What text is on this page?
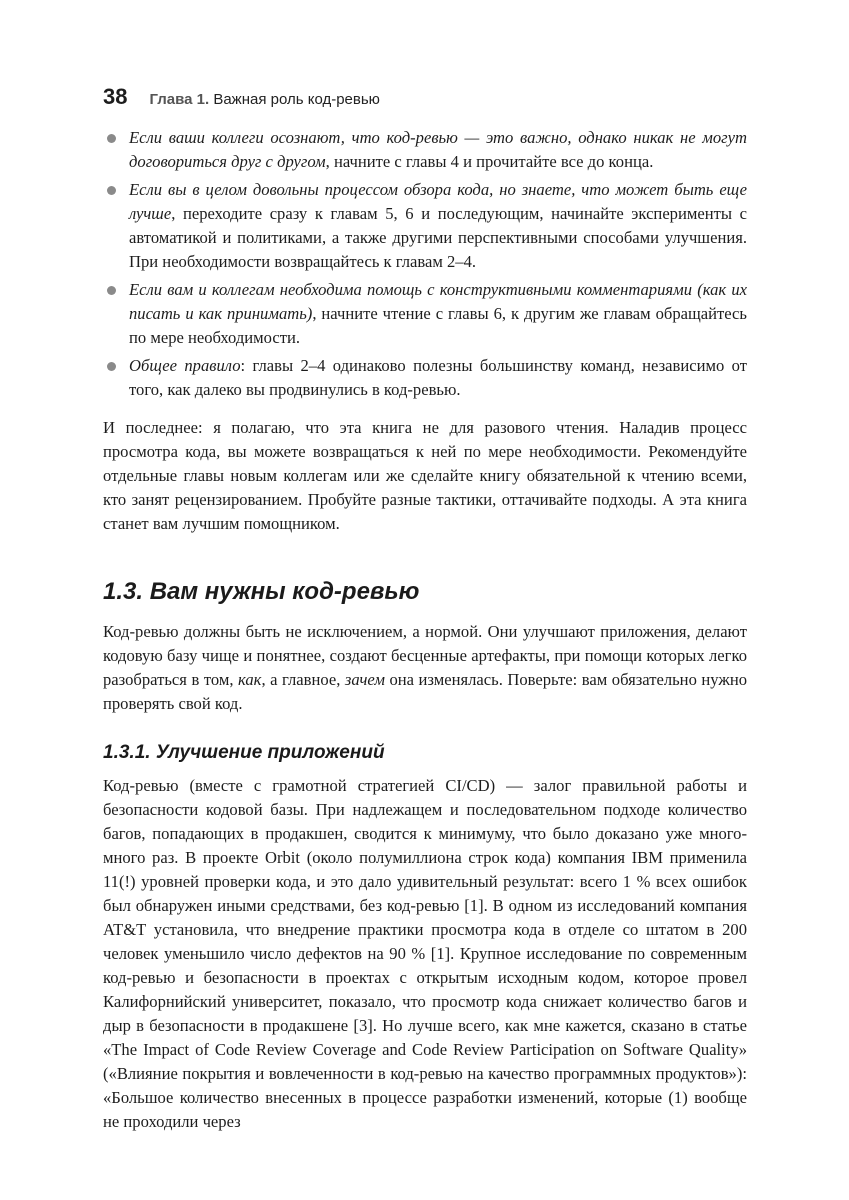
38 Глава 1. Важная роль код-ревью
Если ваши коллеги осознают, что код-ревью — это важно, однако никак не могут договориться друг с другом, начните с главы 4 и прочитайте все до конца.
Если вы в целом довольны процессом обзора кода, но знаете, что может быть еще лучше, переходите сразу к главам 5, 6 и последующим, начинайте эксперименты с автоматикой и политиками, а также другими перспективными способами улучшения. При необходимости возвращайтесь к главам 2–4.
Если вам и коллегам необходима помощь с конструктивными комментариями (как их писать и как принимать), начните чтение с главы 6, к другим же главам обращайтесь по мере необходимости.
Общее правило: главы 2–4 одинаково полезны большинству команд, независимо от того, как далеко вы продвинулись в код-ревью.

И последнее: я полагаю, что эта книга не для разового чтения. Наладив процесс просмотра кода, вы можете возвращаться к ней по мере необходимости. Рекомендуйте отдельные главы новым коллегам или же сделайте книгу обязательной к чтению всеми, кто занят рецензированием. Пробуйте разные тактики, оттачивайте подходы. А эта книга станет вам лучшим помощником.

1.3. Вам нужны код-ревью

Код-ревью должны быть не исключением, а нормой. Они улучшают приложения, делают кодовую базу чище и понятнее, создают бесценные артефакты, при помощи которых легко разобраться в том, как, а главное, зачем она изменялась. Поверьте: вам обязательно нужно проверять свой код.

1.3.1. Улучшение приложений

Код-ревью (вместе с грамотной стратегией CI/CD) — залог правильной работы и безопасности кодовой базы. При надлежащем и последовательном подходе количество багов, попадающих в продакшен, сводится к минимуму, что было доказано уже много-много раз. В проекте Orbit (около полумиллиона строк кода) компания IBM применила 11(!) уровней проверки кода, и это дало удивительный результат: всего 1 % всех ошибок был обнаружен иными средствами, без код-ревью [1]. В одном из исследований компания AT&T установила, что внедрение практики просмотра кода в отделе со штатом в 200 человек уменьшило число дефектов на 90 % [1]. Крупное исследование по современным код-ревью и безопасности в проектах с открытым исходным кодом, которое провел Калифорнийский университет, показало, что просмотр кода снижает количество багов и дыр в безопасности в продакшене [3]. Но лучше всего, как мне кажется, сказано в статье «The Impact of Code Review Coverage and Code Review Participation on Software Quality» («Влияние покрытия и вовлеченности в код-ревью на качество программных продуктов»): «Большое количество внесенных в процессе разработки изменений, которые (1) вообще не проходили через
